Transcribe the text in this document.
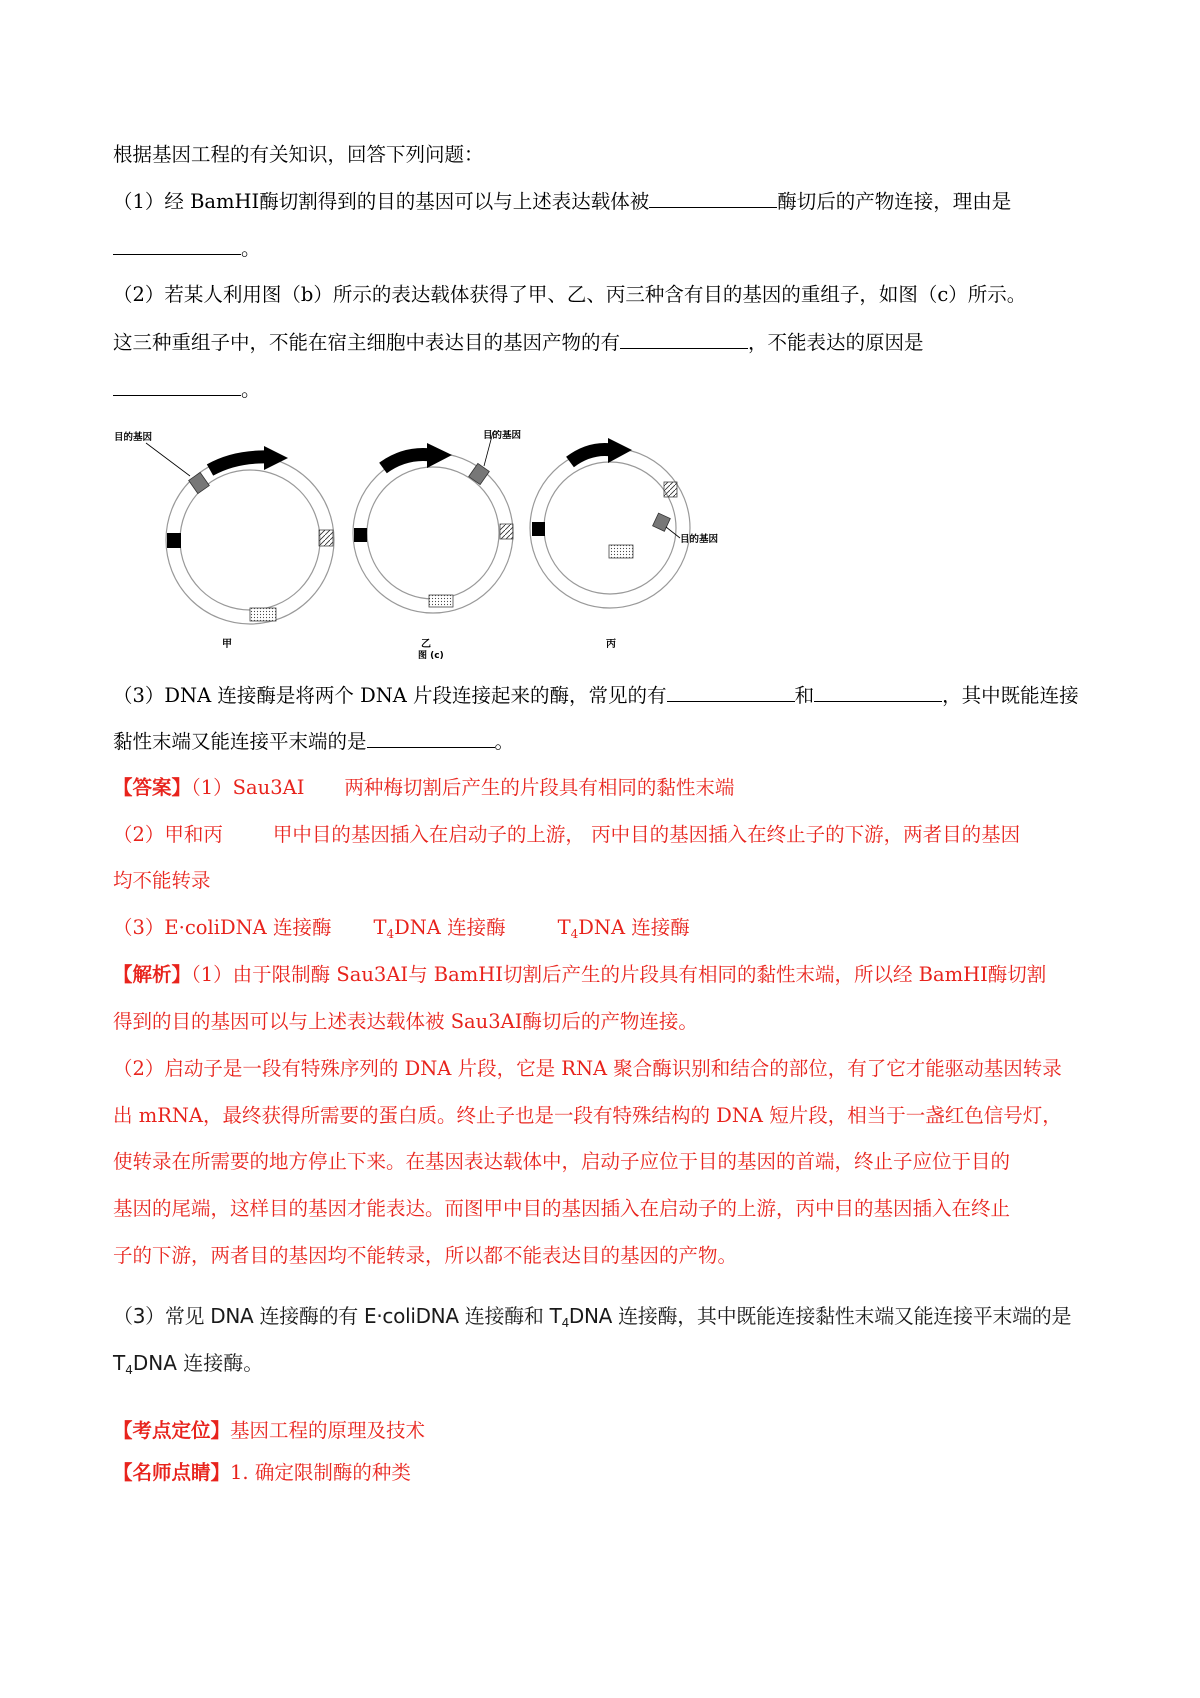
根据基因工程的有关知识，回答下列问题：
（1）经 BamHⅠ酶切割得到的目的基因可以与上述表达载体被	酶切后的产物连接，理由是
。
（2）若某人利用图（b）所示的表达载体获得了甲、乙、丙三种含有目的基因的重组子，如图（c）所示。
这三种重组子中，不能在宿主细胞中表达目的基因产物的有	，不能表达的原因是
。
目的基因
甲
目的基因
乙
目的基因
丙
图 (c)
（3）DNA 连接酶是将两个 DNA 片段连接起来的酶，常见的有	和	，其中既能连接
黏性末端又能连接平末端的是	。
【答案】（1）Sau3AⅠ 两种梅切割后产生的片段具有相同的黏性末端
（2）甲和丙	甲中目的基因插入在启动子的上游， 丙中目的基因插入在终止子的下游，两者目的基因
均不能转录
（3）E·coliDNA 连接酶 $T_4DNA$ 连接酶	$T_4DNA$ 连接酶
【解析】（1）由于限制酶 Sau3AⅠ与 BamHⅠ切割后产生的片段具有相同的黏性末端，所以经 BamHⅠ酶切割
得到的目的基因可以与上述表达载体被 Sau3AⅠ酶切后的产物连接。
（2）启动子是一段有特殊序列的 DNA 片段，它是 RNA 聚合酶识别和结合的部位，有了它才能驱动基因转录
出 mRNA，最终获得所需要的蛋白质。终止子也是一段有特殊结构的 DNA 短片段，相当于一盏红色信号灯，
使转录在所需要的地方停止下来。在基因表达载体中，启动子应位于目的基因的首端，终止子应位于目的
基因的尾端，这样目的基因才能表达。而图甲中目的基因插入在启动子的上游，丙中目的基因插入在终止
子的下游，两者目的基因均不能转录，所以都不能表达目的基因的产物。
（3）常见 DNA 连接酶的有 E·coliDNA 连接酶和 $T_4DNA$ 连接酶，其中既能连接黏性末端又能连接平末端的是
$T_4DNA$ 连接酶。
【考点定位】基因工程的原理及技术
【名师点睛】1. 确定限制酶的种类
